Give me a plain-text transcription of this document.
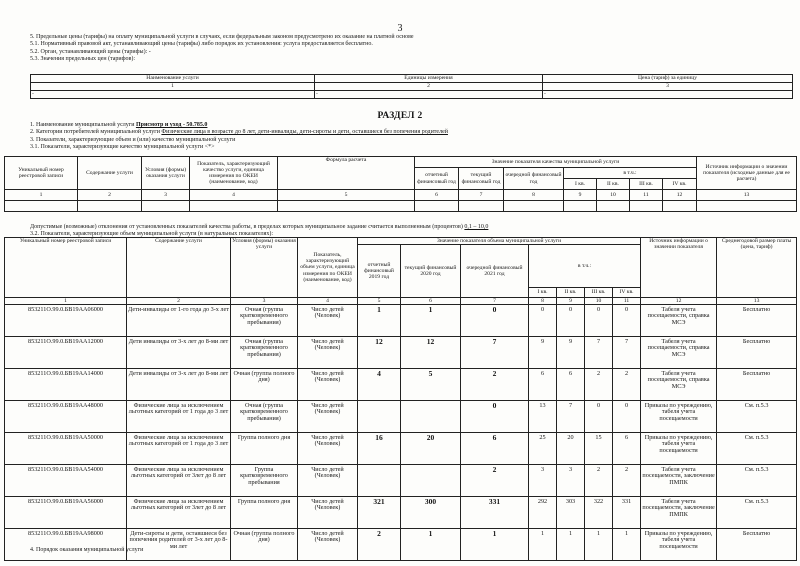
3
5. Предельные цены (тарифы) на оплату муниципальной услуги в случаях, если федеральным законом предусмотрено их оказание на платной основе
5.1. Нормативный правовой акт, устанавливающий цены (тарифы) либо порядок их установления: услуга предоставляется бесплатно.
5.2. Орган, устанавливающий цены (тарифы): -
5.3. Значения предельных цен (тарифов):
Наименование услуги	Единицы измерения	Цена (тариф) за единицу
1	2	3
-	-	-
РАЗДЕЛ 2
1. Наименование муниципальной услуги Присмотр и уход - 50.785.0
2. Категории потребителей муниципальной услуги Физические лица в возрасте до 8 лет, дети-инвалиды, дети-сироты и дети, оставшиеся без попечения родителей
3. Показатели, характеризующие объем и (или) качество муниципальной услуги
3.1. Показатели, характеризующие качество муниципальной услуги <*>
Уникальный номер реестровой записи	Содержание услуги	Условия (формы) оказания услуги	Показатель, характеризующий качество услуги, единица измерения по ОКЕИ (наименование, код)	Формула расчета	Значение показателя качества муниципальной услуги							Источник информации о значении показателя (исходные данные для ее расчета)
					отчетный финансовый год	текущий финансовый год	очередной финансовый год	в т.ч.:				
								I кв.	II кв.	III кв.	IV кв.	
1	2	3	4	5	6	7	8	9	10	11	12	13

Допустимые (возможные) отклонения от установленных показателей качества работы, в пределах которых муниципальное задание считается выполненным (процентов) 0,1 – 10,0
3.2. Показатели, характеризующие объем муниципальной услуги (в натуральных показателях):
Уникальный номер реестровой записи	Содержание услуги	Условия (формы) оказания услуги	Показатель, характеризующий объем услуги, единица измерения по ОКЕИ (наименование, код)	Значение показателя объема муниципальной услуги							Источник информации о значении показателя	Среднегодовой размер платы (цена, тариф)
				отчетный финансовый 2019 год	текущий финансовый 2020 год	очередной финансовый 2021 год	в т.ч.:					
							I кв.	II кв.	III кв.	IV кв.		
1	2	3	4	5	6	7	8	9	10	11	12	13
853211О.99.0.БВ19АА06000	Дети-инвалиды от 1-го года до 3-х лет	Очная (группа кратковременного пребывания)	Число детей (Человек)	1	1	0	0	0	0	0	Табеля учета посещаемости, справка МСЭ	Бесплатно
853211О.99.0.БВ19АА12000	Дети инвалиды от 3-х лет до 8-ми лет	Очная (группа кратковременного пребывания)	Число детей (Человек)	12	12	7	9	9	7	7	Табеля учета посещаемости, справка МСЭ	Бесплатно
853211О.99.0.БВ19АА14000	Дети инвалиды от 3-х лет до 8-ми лет	Очная (группа полного дня)	Число детей (Человек)	4	5	2	6	6	2	2	Табеля учета посещаемости, справка МСЭ	Бесплатно
853211О.99.0.БВ19АА48000	Физические лица за исключением льготных категорий от 1 года до 3 лет	Очная (группа кратковременного пребывания)	Число детей (Человек)			0	13	7	0	0	Приказы по учреждению, табеля учета посещаемости	См. п.5.3
853211О.99.0.БВ19АА50000	Физические лица за исключением льготных категорий от 1 года до 3 лет	Группа полного дня	Число детей (Человек)	16	20	6	25	20	15	6	Приказы по учреждению, табеля учета посещаемости	См. п.5.3
853211О.99.0.БВ19АА54000	Физические лица за исключением льготных категорий от 3лет до 8 лет	Группа кратковременного пребывания	Число детей (Человек)			2	3	3	2	2	Табеля учета посещаемости, заключение ПМПК	См. п.5.3
853211О.99.0.БВ19АА56000	Физические лица за исключением льготных категорий от 3лет до 8 лет	Группа полного дня	Число детей (Человек)	321	300	331	292	303	322	331	Табеля учета посещаемости, заключение ПМПК	См. п.5.3
853211О.99.0.БВ19АА98000	Дети-сироты и дети, оставшиеся без попечения родителей от 3-х лет до 8-ми лет	Очная (группа полного дня)	Число детей (Человек)	2	1	1	1	1	1	1	Приказы по учреждению, табеля учета посещаемости	Бесплатно
4. Порядок оказания муниципальной услуги
